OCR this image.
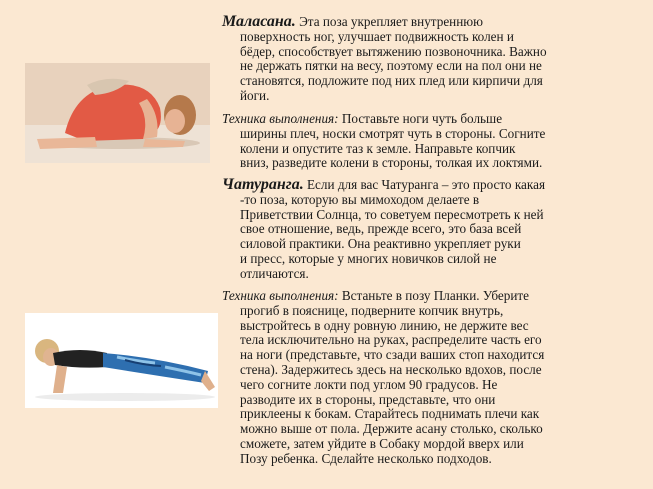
Маласана. Эта поза укрепляет внутреннюю

поверхность ног, улучшает подвижность колен и

бёдер, способствует вытяжению позвоночника. Важно

не держать пятки на весу, поэтому если на пол они не

становятся, подложите под них плед или кирпичи для

йоги.

Техника выполнения: Поставьте ноги чуть больше

ширины плеч, носки смотрят чуть в стороны. Согните

колени и опустите таз к земле. Направьте копчик

вниз, разведите колени в стороны, толкая их локтями.

Чатуранга. Если для вас Чатуранга – это просто какая

-то поза, которую вы мимоходом делаете в

Приветствии Солнца, то советуем пересмотреть к ней

свое отношение, ведь, прежде всего, это база всей

силовой практики. Она реактивно укрепляет руки

и пресс, которые у многих новичков силой не

отличаются.

Техника выполнения: Встаньте в позу Планки. Уберите

прогиб в пояснице, подверните копчик внутрь,

выстройтесь в одну ровную линию, не держите вес

тела исключительно на руках, распределите часть его

на ноги (представьте, что сзади ваших стоп находится

стена). Задержитесь здесь на несколько вдохов, после

чего согните локти под углом 90 градусов. Не

разводите их в стороны, представьте, что они

приклеены к бокам. Старайтесь поднимать плечи как

можно выше от пола. Держите асану столько, сколько

сможете, затем уйдите в Собаку мордой вверх или

Позу ребенка. Сделайте несколько подходов.
